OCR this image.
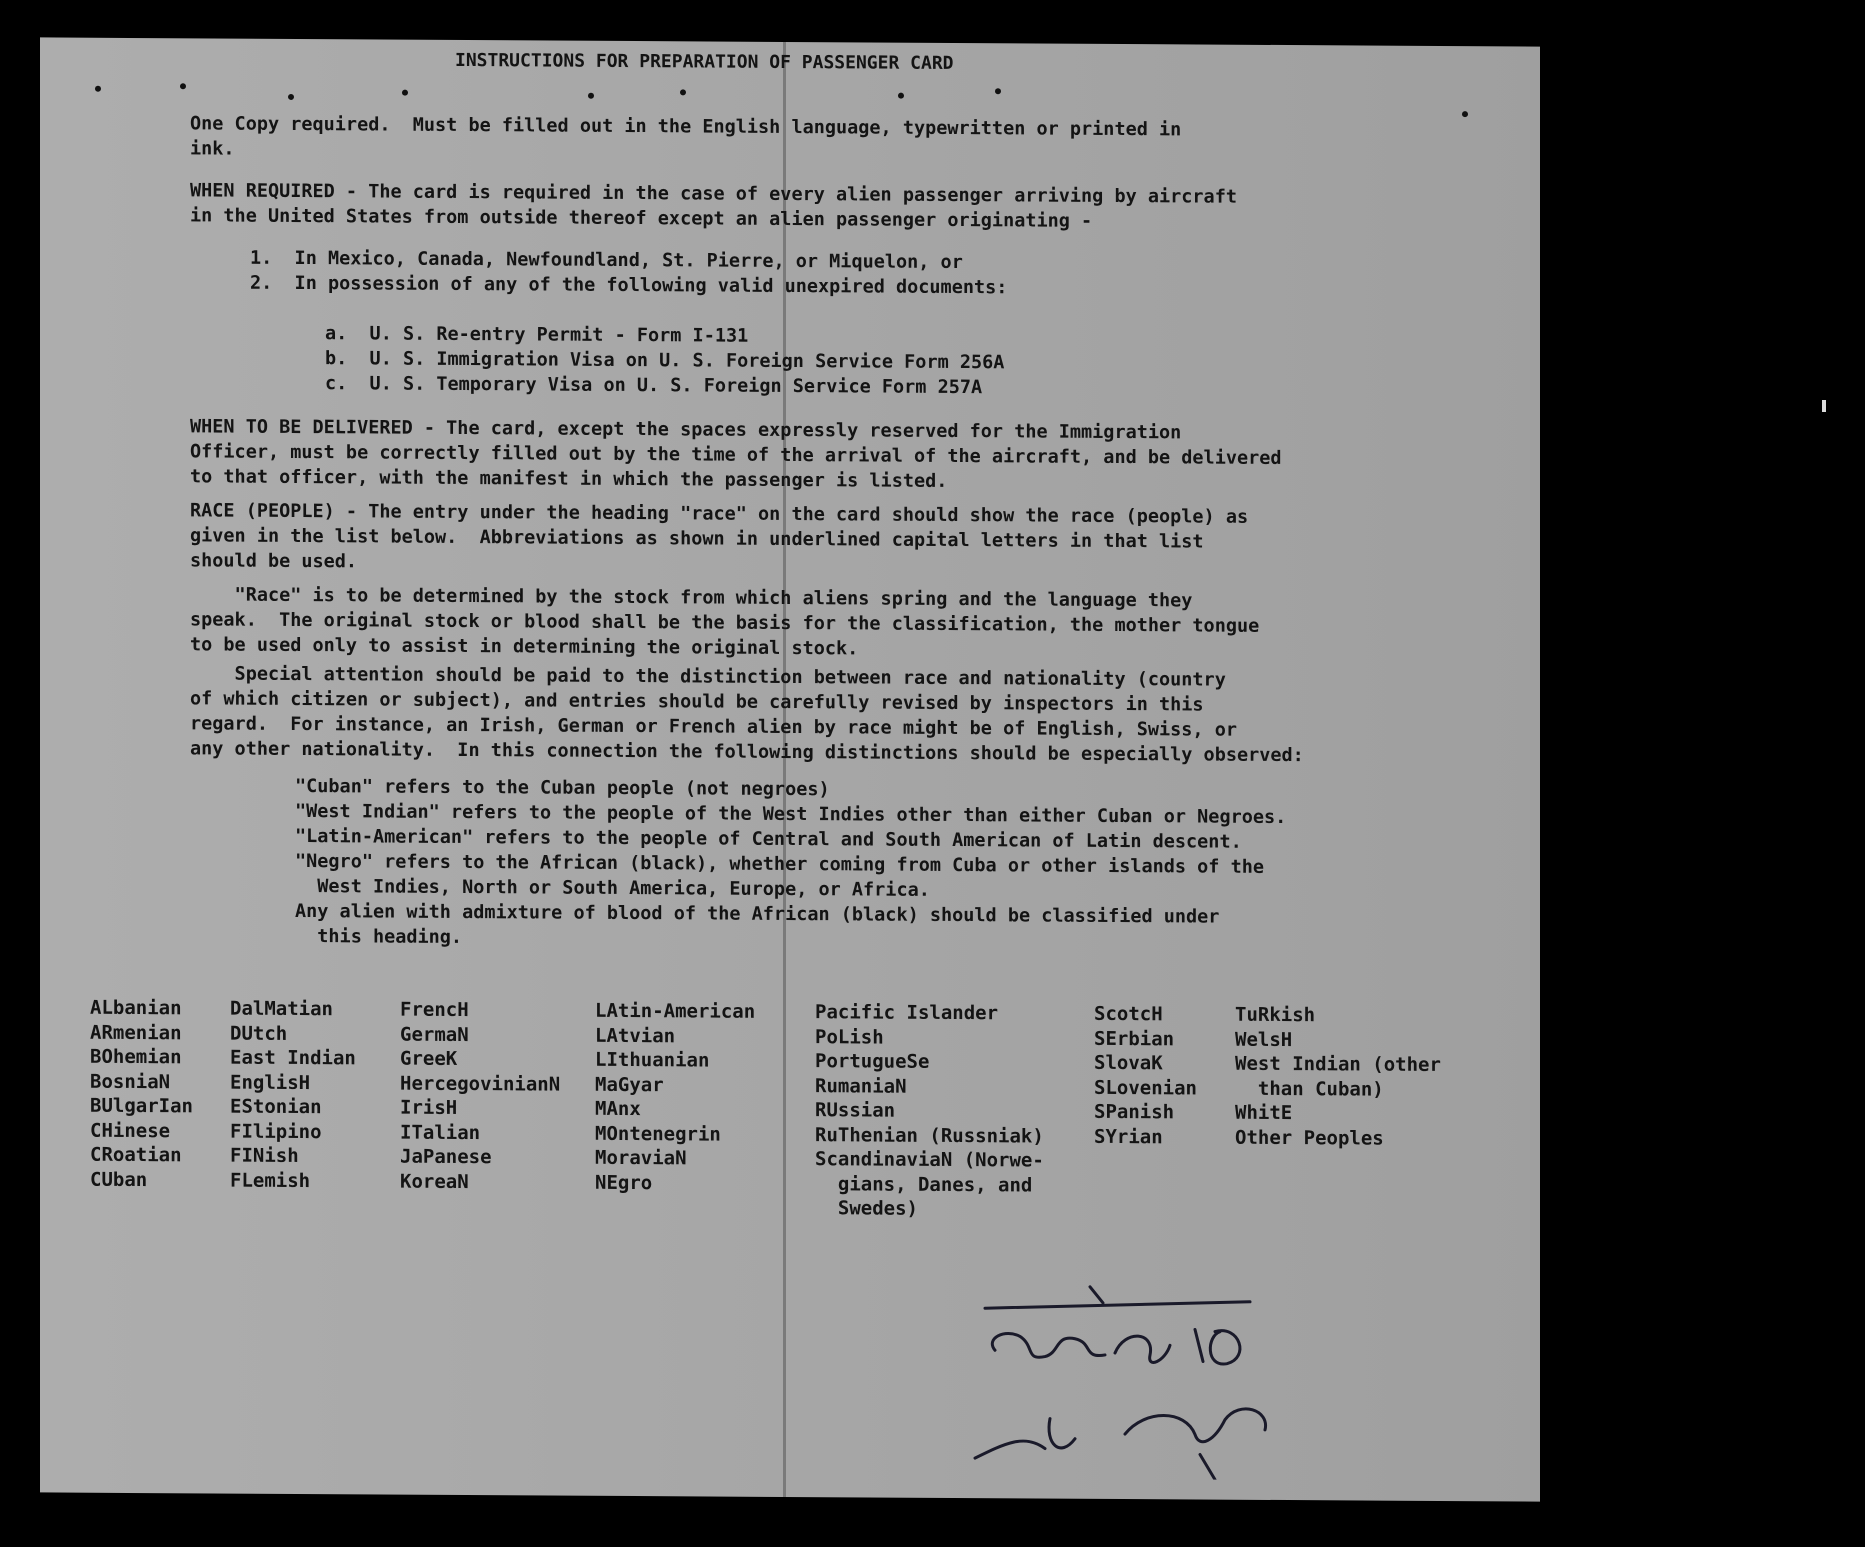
INSTRUCTIONS FOR PREPARATION OF PASSENGER CARD
One Copy required.  Must be filled out in the English language, typewritten or printed in
ink.
WHEN REQUIRED - The card is required in the case of every alien passenger arriving by aircraft
in the United States from outside thereof except an alien passenger originating -
1.  In Mexico, Canada, Newfoundland, St. Pierre, or Miquelon, or
2.  In possession of any of the following valid unexpired documents:
a.  U. S. Re-entry Permit - Form I-131
b.  U. S. Immigration Visa on U. S. Foreign Service Form 256A
c.  U. S. Temporary Visa on U. S. Foreign Service Form 257A
WHEN TO BE DELIVERED - The card, except the spaces expressly reserved for the Immigration
Officer, must be correctly filled out by the time of the arrival of the aircraft, and be delivered
to that officer, with the manifest in which the passenger is listed.
RACE (PEOPLE) - The entry under the heading "race" on the card should show the race (people) as
given in the list below.  Abbreviations as shown in underlined capital letters in that list
should be used.
"Race" is to be determined by the stock from which aliens spring and the language they
speak.  The original stock or blood shall be the basis for the classification, the mother tongue
to be used only to assist in determining the original stock.
Special attention should be paid to the distinction between race and nationality (country
of which citizen or subject), and entries should be carefully revised by inspectors in this
regard.  For instance, an Irish, German or French alien by race might be of English, Swiss, or
any other nationality.  In this connection the following distinctions should be especially observed:
"Cuban" refers to the Cuban people (not negroes)
"West Indian" refers to the people of the West Indies other than either Cuban or Negroes.
"Latin-American" refers to the people of Central and South American of Latin descent.
"Negro" refers to the African (black), whether coming from Cuba or other islands of the
West Indies, North or South America, Europe, or Africa.
Any alien with admixture of blood of the African (black) should be classified under
this heading.
ALbanian
ARmenian
BOhemian
BosniaN
BUlgarIan
CHinese
CRoatian
CUban
DalMatian
DUtch
East Indian
EnglisH
EStonian
FIlipino
FINish
FLemish
FrencH
GermaN
GreeK
HercegovinianN
IrisH
ITalian
JaPanese
KoreaN
LAtin-American
LAtvian
LIthuanian
MaGyar
MAnx
MOntenegrin
MoraviaN
NEgro
Pacific Islander
PoLish
PortugueSe
RumaniaN
RUssian
RuThenian (Russniak)
ScandinaviaN (Norwe-
gians, Danes, and
Swedes)
ScotcH
SErbian
SlovaK
SLovenian
SPanish
SYrian
TuRkish
WelsH
West Indian (other
than Cuban)
WhitE
Other Peoples
